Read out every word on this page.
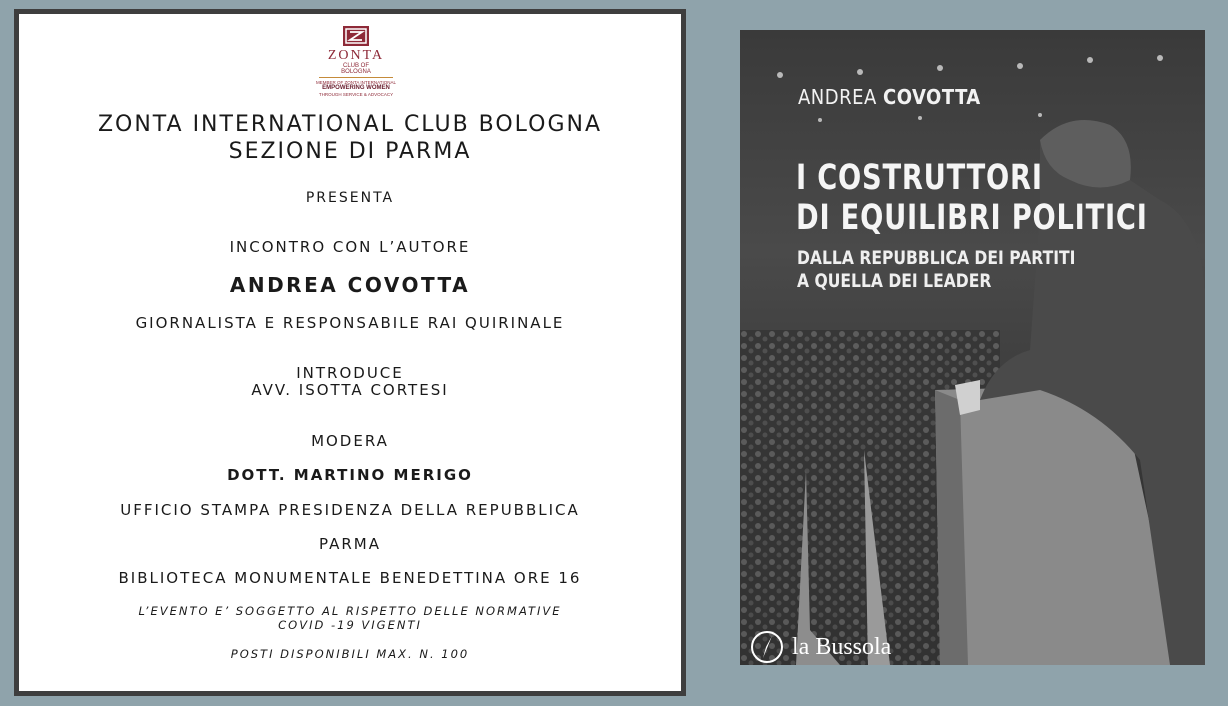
ZONTA
CLUB OF
BOLOGNA
MEMBER OF ZONTA INTERNATIONAL
EMPOWERING WOMEN
THROUGH SERVICE & ADVOCACY
ZONTA INTERNATIONAL CLUB BOLOGNA
SEZIONE DI PARMA
PRESENTA
INCONTRO CON L’AUTORE
ANDREA COVOTTA
GIORNALISTA E RESPONSABILE RAI QUIRINALE
INTRODUCE
AVV. ISOTTA CORTESI
MODERA
DOTT. MARTINO MERIGO
UFFICIO STAMPA PRESIDENZA DELLA REPUBBLICA
PARMA
BIBLIOTECA MONUMENTALE BENEDETTINA ORE 16
L’EVENTO E’ SOGGETTO AL RISPETTO DELLE NORMATIVE
COVID -19 VIGENTI
POSTI DISPONIBILI MAX. N. 100
ANDREA COVOTTA
I COSTRUTTORI
DI EQUILIBRI POLITICI
DALLA REPUBBLICA DEI PARTITI
A QUELLA DEI LEADER
la Bussola
